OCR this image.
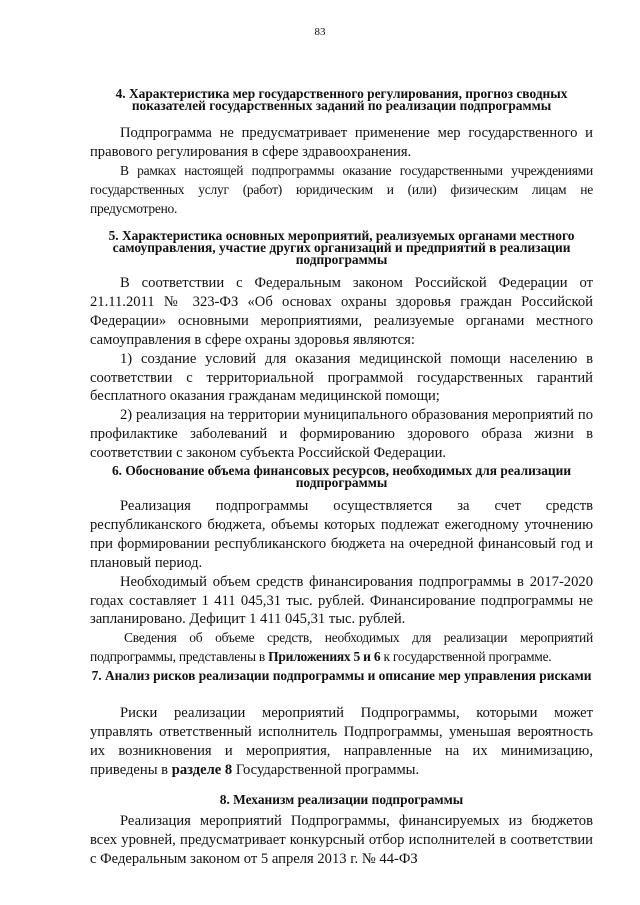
83
4. Характеристика мер государственного регулирования, прогноз сводных показателей государственных заданий по реализации подпрограммы

Подпрограмма не предусматривает применение мер государственного и правового регулирования в сфере здравоохранения.

В рамках настоящей подпрограммы оказание государственными учреждениями государственных услуг (работ) юридическим и (или) физическим лицам не предусмотрено.

5. Характеристика основных мероприятий, реализуемых органами местного самоуправления, участие других организаций и предприятий в реализации подпрограммы

В соответствии с Федеральным законом Российской Федерации от 21.11.2011 № 323-ФЗ «Об основах охраны здоровья граждан Российской Федерации» основными мероприятиями, реализуемые органами местного самоуправления в сфере охраны здоровья являются:

1) создание условий для оказания медицинской помощи населению в соответствии с территориальной программой государственных гарантий бесплатного оказания гражданам медицинской помощи;

2) реализация на территории муниципального образования мероприятий по профилактике заболеваний и формированию здорового образа жизни в соответствии с законом субъекта Российской Федерации.

6. Обоснование объема финансовых ресурсов, необходимых для реализации подпрограммы

Реализация подпрограммы осуществляется за счет средств республиканского бюджета, объемы которых подлежат ежегодному уточнению при формировании республиканского бюджета на очередной финансовый год и плановый период.

Необходимый объем средств финансирования подпрограммы в 2017-2020 годах составляет 1 411 045,31 тыс. рублей. Финансирование подпрограммы не запланировано. Дефицит 1 411 045,31 тыс. рублей.

Сведения об объеме средств, необходимых для реализации мероприятий подпрограммы, представлены в Приложениях 5 и 6 к государственной программе.

7. Анализ рисков реализации подпрограммы и описание мер управления рисками

Риски реализации мероприятий Подпрограммы, которыми может управлять ответственный исполнитель Подпрограммы, уменьшая вероятность их возникновения и мероприятия, направленные на их минимизацию, приведены в разделе 8 Государственной программы.

8. Механизм реализации подпрограммы

Реализация мероприятий Подпрограммы, финансируемых из бюджетов всех уровней, предусматривает конкурсный отбор исполнителей в соответствии с Федеральным законом от 5 апреля 2013 г. № 44-ФЗ
